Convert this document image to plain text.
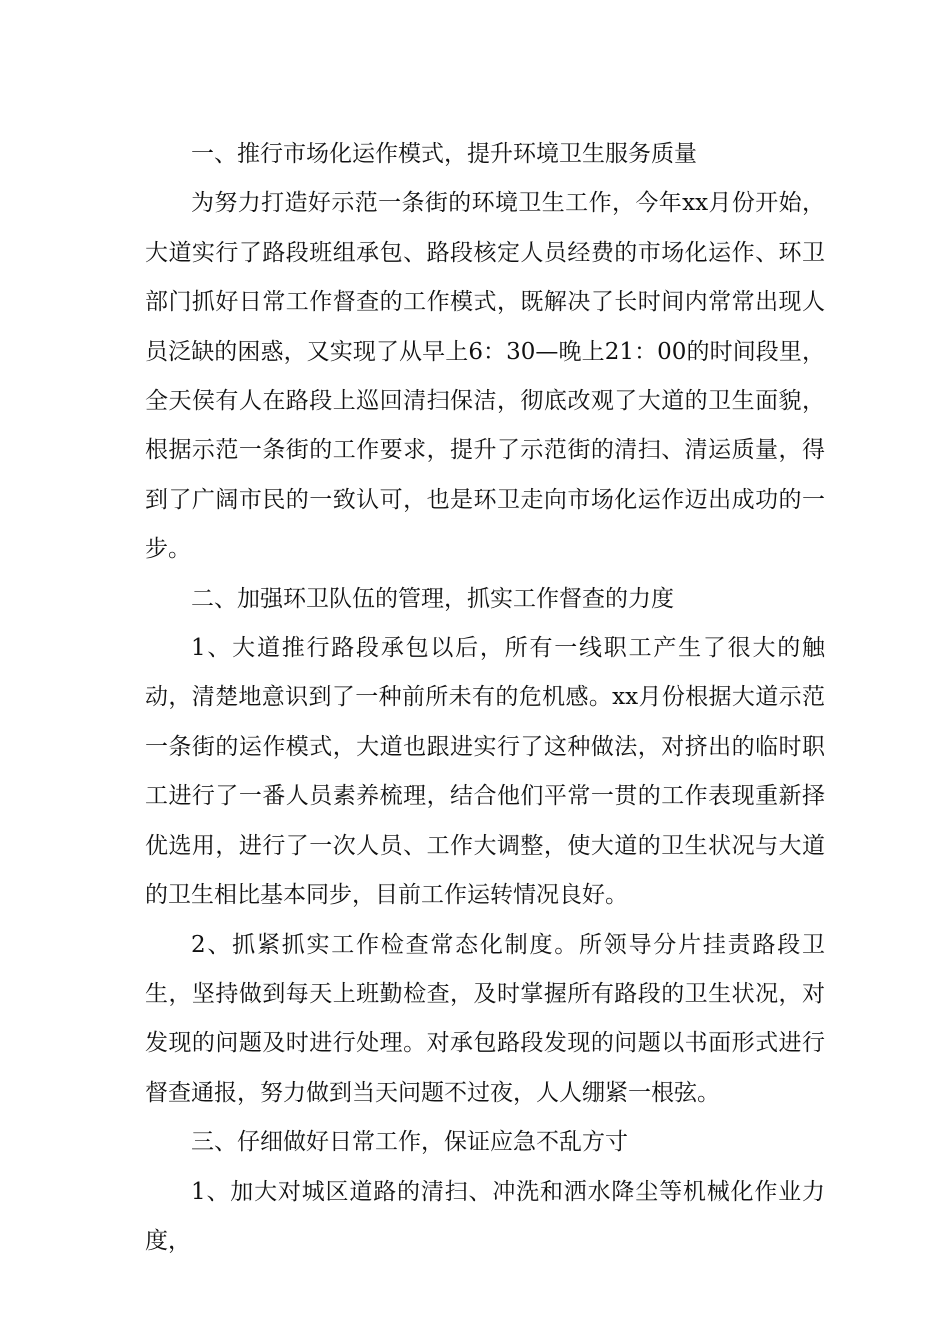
一、推行市场化运作模式，提升环境卫生服务质量

为努力打造好示范一条街的环境卫生工作，今年xx月份开始，大道实行了路段班组承包、路段核定人员经费的市场化运作、环卫部门抓好日常工作督查的工作模式，既解决了长时间内常常出现人员泛缺的困惑，又实现了从早上6：30—晚上21：00的时间段里，全天侯有人在路段上巡回清扫保洁，彻底改观了大道的卫生面貌，根据示范一条街的工作要求，提升了示范街的清扫、清运质量，得到了广阔市民的一致认可，也是环卫走向市场化运作迈出成功的一步。

二、加强环卫队伍的管理，抓实工作督查的力度

1、大道推行路段承包以后，所有一线职工产生了很大的触动，清楚地意识到了一种前所未有的危机感。xx月份根据大道示范一条街的运作模式，大道也跟进实行了这种做法，对挤出的临时职工进行了一番人员素养梳理，结合他们平常一贯的工作表现重新择优选用，进行了一次人员、工作大调整，使大道的卫生状况与大道的卫生相比基本同步，目前工作运转情况良好。

2、抓紧抓实工作检查常态化制度。所领导分片挂责路段卫生，坚持做到每天上班勤检查，及时掌握所有路段的卫生状况，对发现的问题及时进行处理。对承包路段发现的问题以书面形式进行督查通报，努力做到当天问题不过夜，人人绷紧一根弦。

三、仔细做好日常工作，保证应急不乱方寸

1、加大对城区道路的清扫、冲洗和洒水降尘等机械化作业力度，
